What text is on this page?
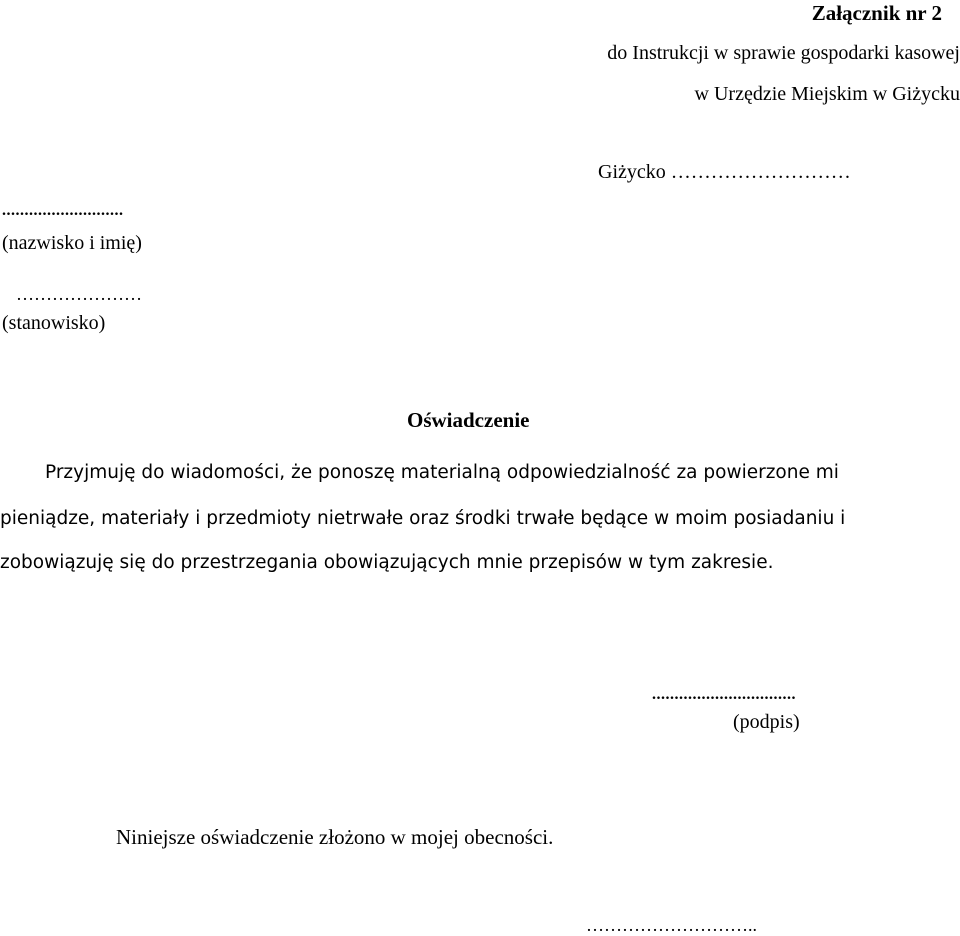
Załącznik nr 2
do Instrukcji w sprawie gospodarki kasowej
w Urzędzie Miejskim w Giżycku
Giżycko ………………………
...........................
(nazwisko i imię)
…………………
(stanowisko)
Oświadczenie
Przyjmuję do wiadomości, że ponoszę materialną odpowiedzialność za powierzone mi
pieniądze, materiały i przedmioty nietrwałe oraz środki trwałe będące w moim posiadaniu i
zobowiązuję się do przestrzegania obowiązujących mnie przepisów w tym zakresie.
................................
(podpis)
Niniejsze oświadczenie złożono w mojej obecności.
………………………..
